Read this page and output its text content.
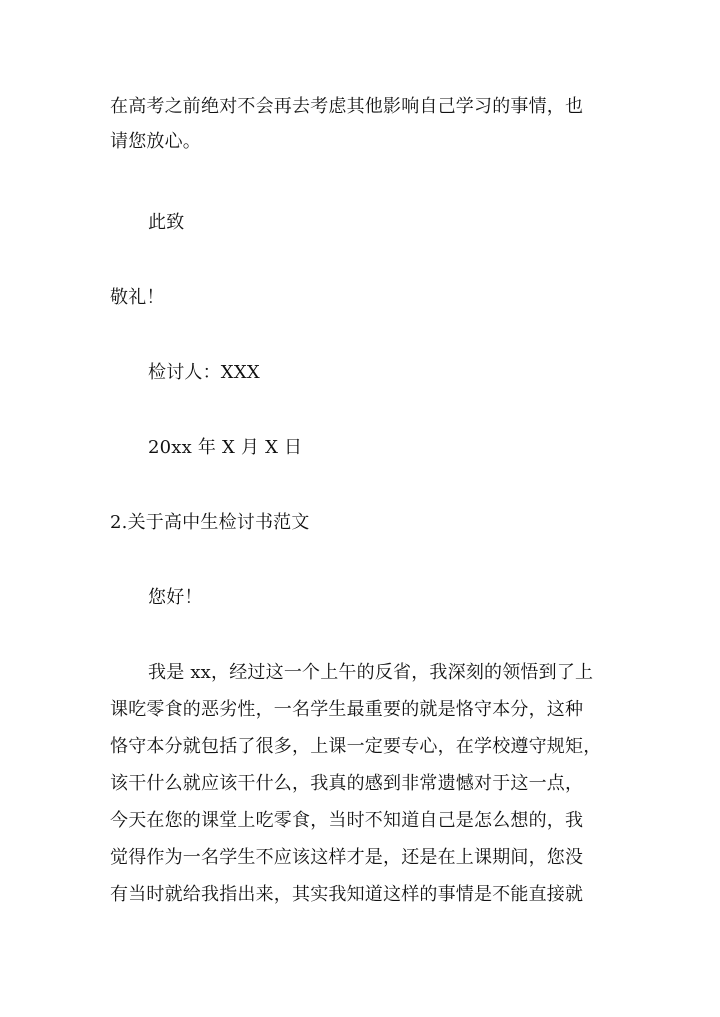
在高考之前绝对不会再去考虑其他影响自己学习的事情，也
请您放心。
此致
敬礼！
检讨人：XXX
20xx 年 X 月 X 日
2.关于高中生检讨书范文
您好！
我是 xx，经过这一个上午的反省，我深刻的领悟到了上
课吃零食的恶劣性，一名学生最重要的就是恪守本分，这种
恪守本分就包括了很多，上课一定要专心，在学校遵守规矩，
该干什么就应该干什么，我真的感到非常遗憾对于这一点，
今天在您的课堂上吃零食，当时不知道自己是怎么想的，我
觉得作为一名学生不应该这样才是，还是在上课期间，您没
有当时就给我指出来，其实我知道这样的事情是不能直接就
